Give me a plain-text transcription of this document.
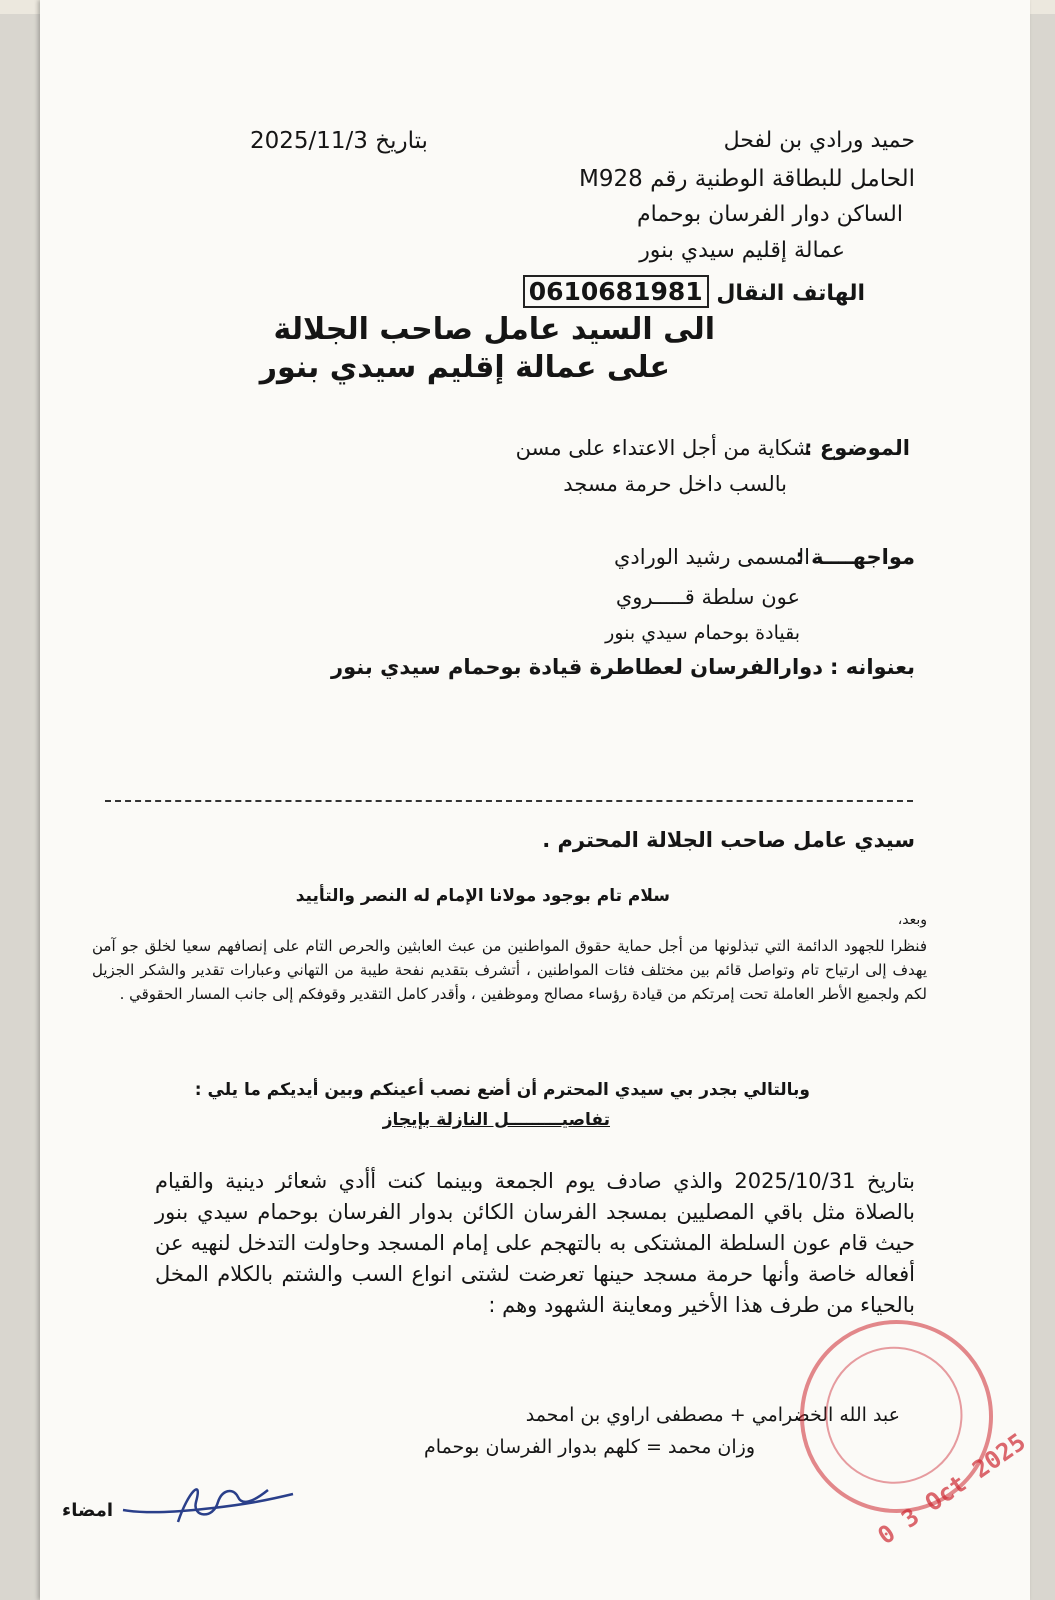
حميد ورادي بن لفحل
بتاريخ 2025/11/3
الحامل للبطاقة الوطنية رقم M928
الساكن دوار الفرسان بوحمام
عمالة إقليم سيدي بنور
الهاتف النقال 0610681981
الى السيد عامل صاحب الجلالة
على عمالة إقليم سيدي بنور
الموضوع :
شكاية من أجل الاعتداء على مسن
بالسب داخل حرمة مسجد
مواجهــــة :
المسمى رشيد الورادي
عون سلطة قـــــروي
بقيادة بوحمام سيدي بنور
بعنوانه :
دوارالفرسان لعطاطرة قيادة بوحمام سيدي بنور
سيدي عامل صاحب الجلالة المحترم .
سلام تام بوجود مولانا الإمام له النصر والتأييد
وبعد،
فنظرا للجهود الدائمة التي تبذلونها من أجل حماية حقوق المواطنين من عبث العابثين والحرص التام على إنصافهم سعيا لخلق جو آمن يهدف إلى ارتياح تام وتواصل قائم بين مختلف فئات المواطنين ، أتشرف بتقديم نفحة طيبة من التهاني وعبارات تقدير والشكر الجزيل لكم ولجميع الأطر العاملة تحت إمرتكم من قيادة رؤساء مصالح وموظفين ، وأقدر كامل التقدير وقوفكم إلى جانب المسار الحقوقي .
وبالتالي بجدر بي سيدي المحترم أن أضع نصب أعينكم وبين أيديكم ما يلي :
تفاصيـــــــــل النازلة بإيجاز
بتاريخ 2025/10/31 والذي صادف يوم الجمعة وبينما كنت أأدي شعائر دينية والقيام بالصلاة مثل باقي المصليين بمسجد الفرسان الكائن بدوار الفرسان بوحمام سيدي بنور حيث قام عون السلطة المشتكى به بالتهجم على إمام المسجد وحاولت التدخل لنهيه عن أفعاله خاصة وأنها حرمة مسجد حينها تعرضت لشتى انواع السب والشتم بالكلام المخل بالحياء من طرف هذا الأخير ومعاينة الشهود وهم :
عبد الله الخضرامي + مصطفى اراوي بن امحمد
وزان محمد = كلهم بدوار الفرسان بوحمام	0 3 Oct 2025
امضاء
